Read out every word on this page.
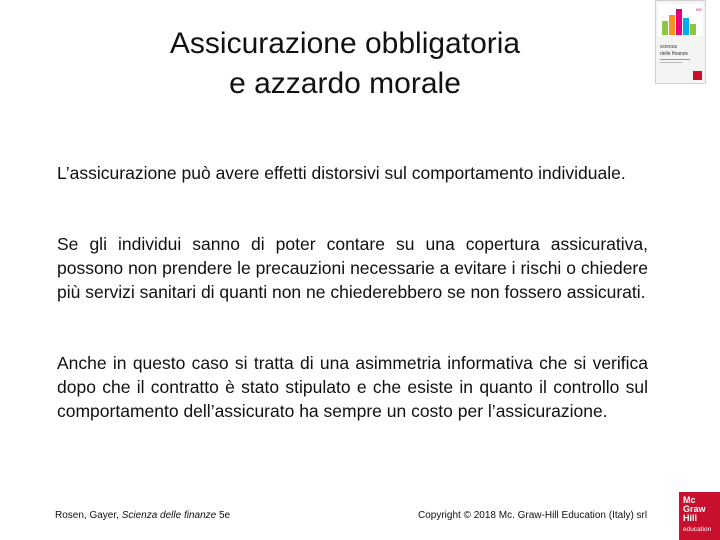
Assicurazione obbligatoria
e azzardo morale
L’assicurazione può avere effetti distorsivi sul comportamento individuale.
Se gli individui sanno di poter contare su una copertura assicurativa, possono non prendere le precauzioni necessarie a evitare i rischi o chiedere più servizi sanitari di quanti non ne chiederebbero se non fossero assicurati.
Anche in questo caso si tratta di una asimmetria informativa che si verifica dopo che il contratto è stato stipulato e che esiste in quanto il controllo sul comportamento dell’assicurato ha sempre un costo per l’assicurazione.
Rosen, Gayer, Scienza delle finanze 5e	Copyright © 2018 Mc. Graw-Hill Education (Italy) srl
5/E
scienza
delle finanze
Mc
Graw
Hill
education
